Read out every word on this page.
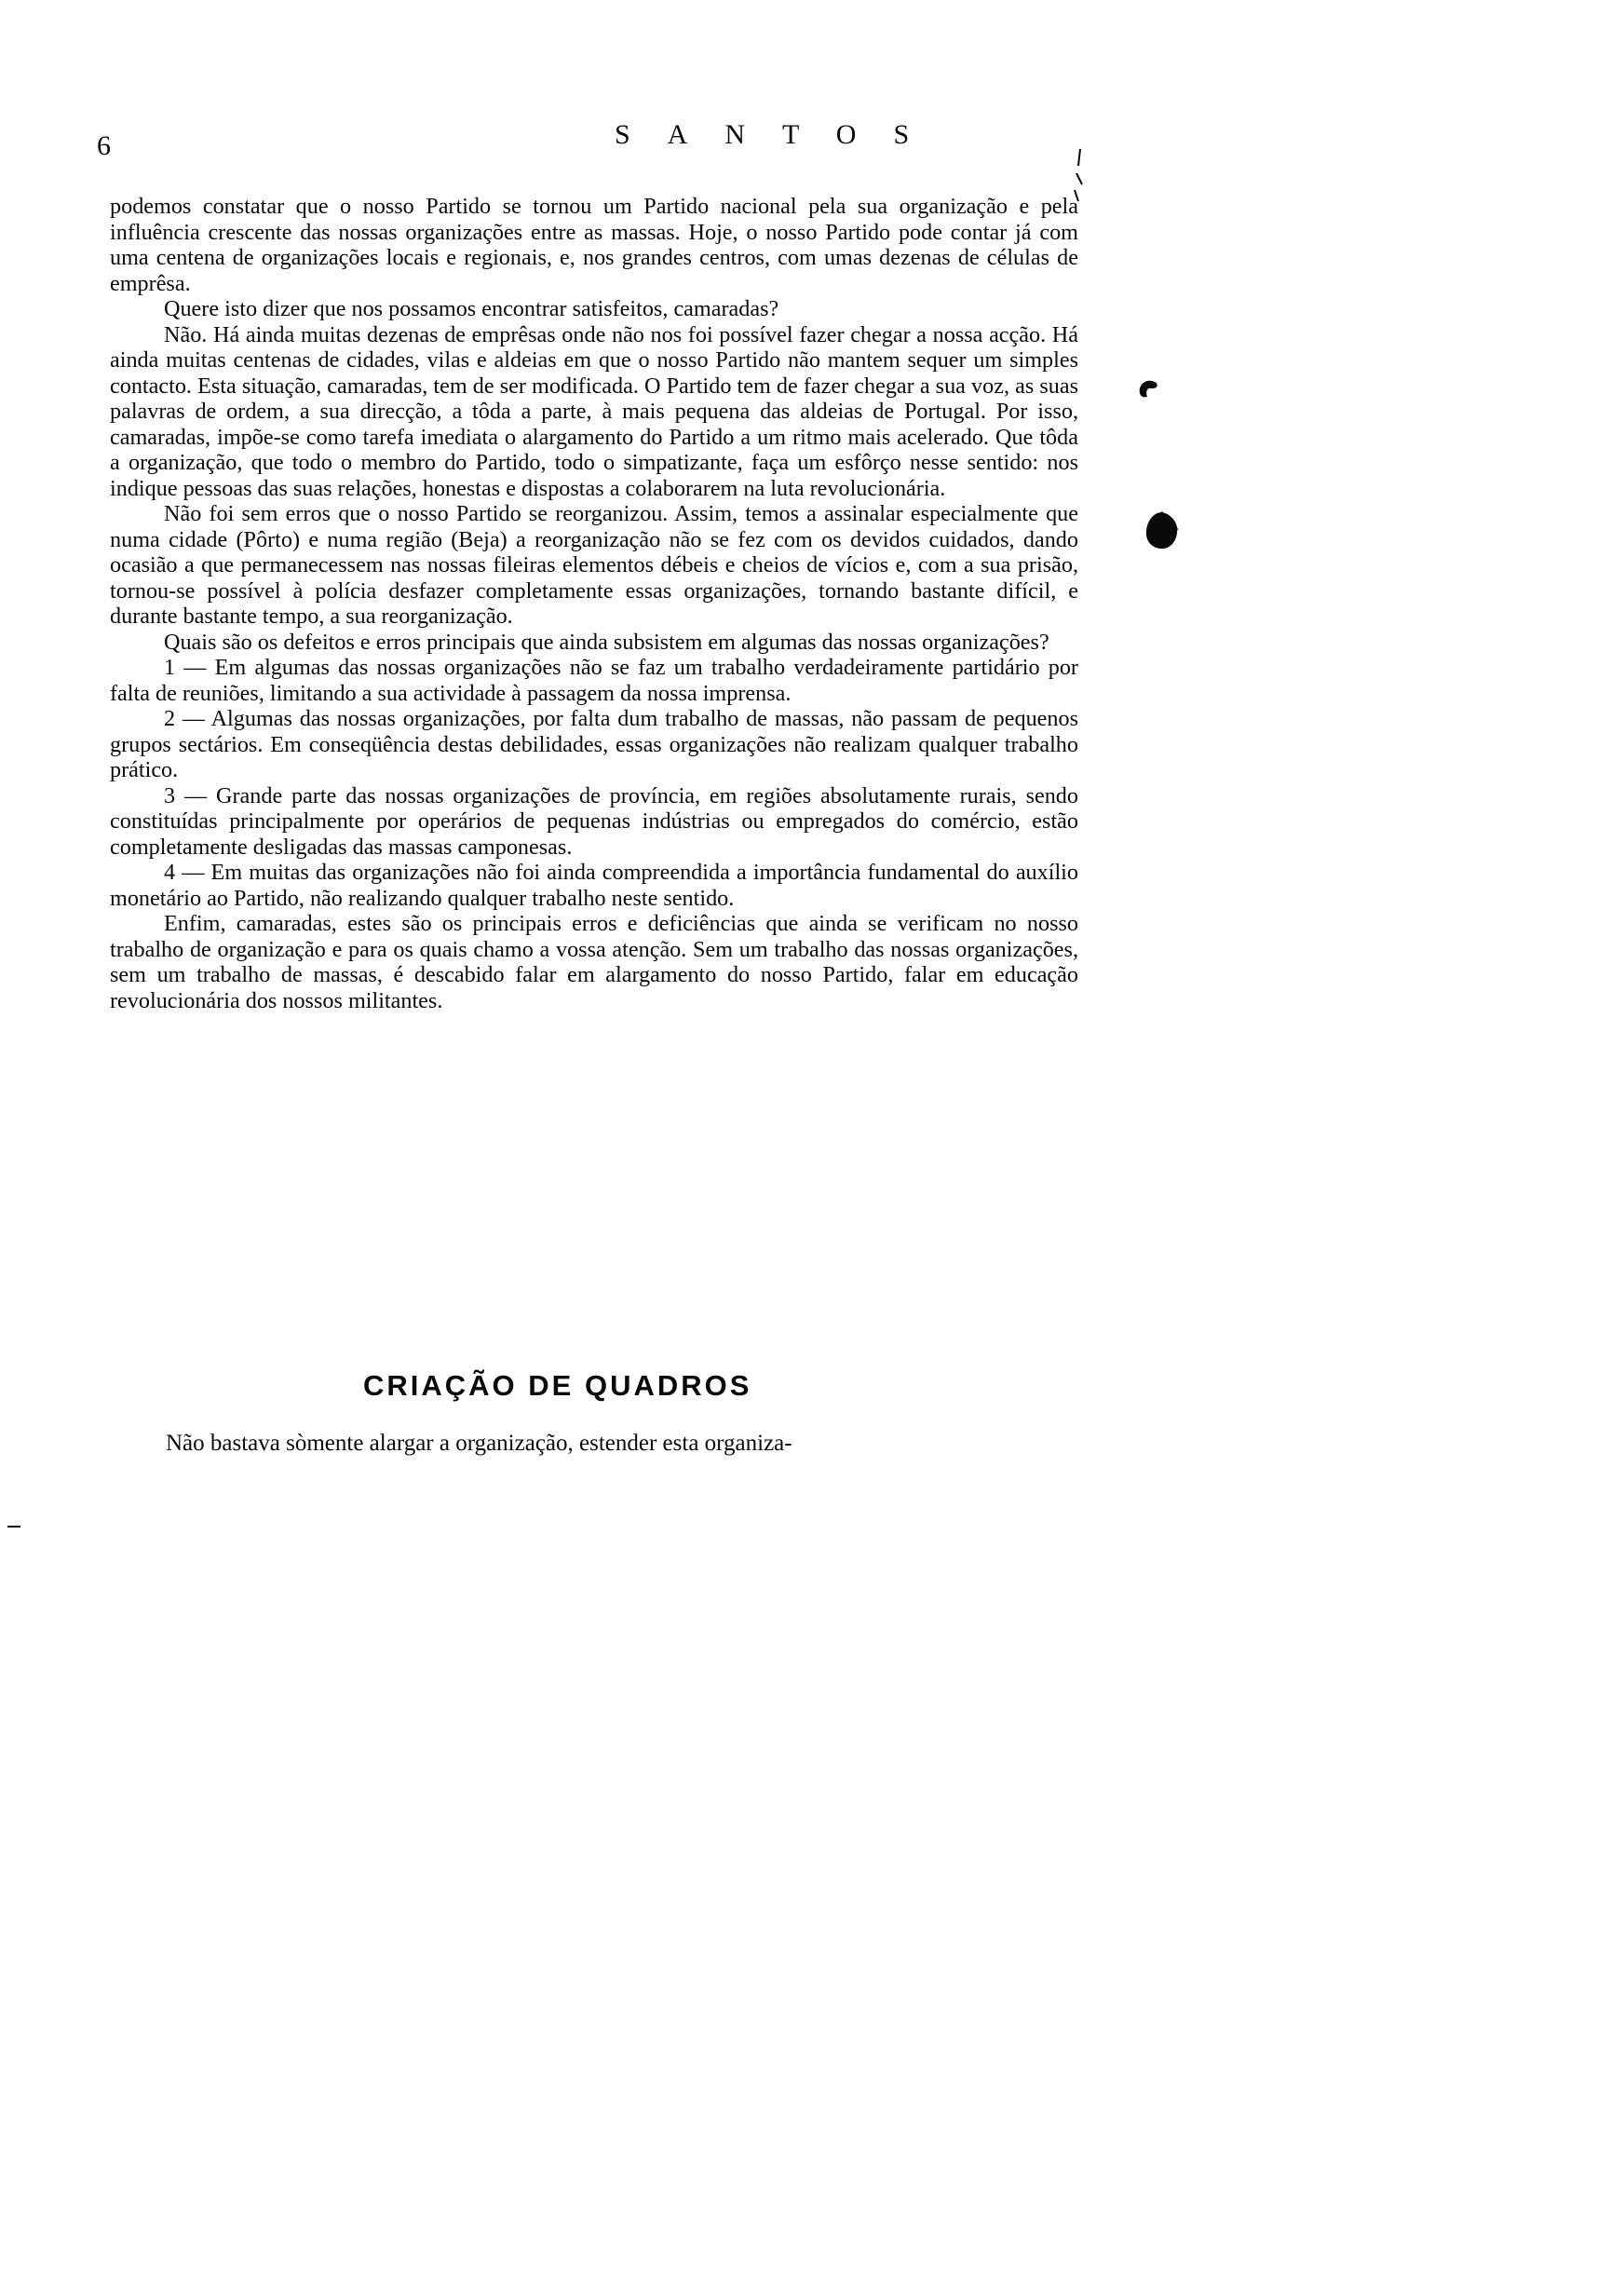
6	SANTOS

podemos constatar que o nosso Partido se tornou um Partido nacional pela sua organização e pela influência crescente das nossas organizações entre as massas. Hoje, o nosso Partido pode contar já com uma centena de organizações locais e regionais, e, nos grandes centros, com umas dezenas de células de emprêsa.

Quere isto dizer que nos possamos encontrar satisfeitos, camaradas?

Não. Há ainda muitas dezenas de emprêsas onde não nos foi possível fazer chegar a nossa acção. Há ainda muitas centenas de cidades, vilas e aldeias em que o nosso Partido não mantem sequer um simples contacto. Esta situação, camaradas, tem de ser modificada. O Partido tem de fazer chegar a sua voz, as suas palavras de ordem, a sua direcção, a tôda a parte, à mais pequena das aldeias de Portugal. Por isso, camaradas, impõe-se como tarefa imediata o alargamento do Partido a um ritmo mais acelerado. Que tôda a organização, que todo o membro do Partido, todo o simpatizante, faça um esfôrço nesse sentido: nos indique pessoas das suas relações, honestas e dispostas a colaborarem na luta revolucionária.

Não foi sem erros que o nosso Partido se reorganizou. Assim, temos a assinalar especialmente que numa cidade (Pôrto) e numa região (Beja) a reorganização não se fez com os devidos cuidados, dando ocasião a que permanecessem nas nossas fileiras elementos débeis e cheios de vícios e, com a sua prisão, tornou-se possível à polícia desfazer completamente essas organizações, tornando bastante difícil, e durante bastante tempo, a sua reorganização.

Quais são os defeitos e erros principais que ainda subsistem em algumas das nossas organizações?

1 — Em algumas das nossas organizações não se faz um trabalho verdadeiramente partidário por falta de reuniões, limitando a sua actividade à passagem da nossa imprensa.

2 — Algumas das nossas organizações, por falta dum trabalho de massas, não passam de pequenos grupos sectários. Em conseqüência destas debilidades, essas organizações não realizam qualquer trabalho prático.

3 — Grande parte das nossas organizações de província, em regiões absolutamente rurais, sendo constituídas principalmente por operários de pequenas indústrias ou empregados do comércio, estão completamente desligadas das massas camponesas.

4 — Em muitas das organizações não foi ainda compreendida a importância fundamental do auxílio monetário ao Partido, não realizando qualquer trabalho neste sentido.

Enfim, camaradas, estes são os principais erros e deficiências que ainda se verificam no nosso trabalho de organização e para os quais chamo a vossa atenção. Sem um trabalho das nossas organizações, sem um trabalho de massas, é descabido falar em alargamento do nosso Partido, falar em educação revolucionária dos nossos militantes.

CRIAÇÃO DE QUADROS
Não bastava sòmente alargar a organização, estender esta organiza-
